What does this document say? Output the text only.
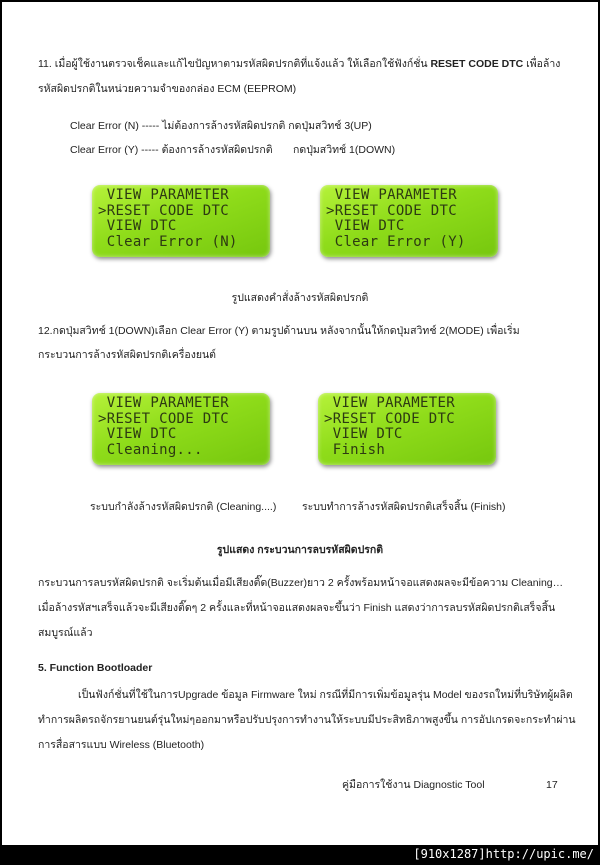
11. เมื่อผู้ใช้งานตรวจเช็คและแก้ไขปัญหาตามรหัสผิดปรกติที่แจ้งแล้ว ให้เลือกใช้ฟังก์ชั่น RESET CODE DTC เพื่อล้าง
รหัสผิดปรกติในหน่วยความจำของกล่อง ECM (EEPROM)
Clear Error (N) ----- ไม่ต้องการล้างรหัสผิดปรกติ กดปุ่มสวิทช์ 3(UP)
Clear Error (Y) ----- ต้องการล้างรหัสผิดปรกติ       กดปุ่มสวิทช์ 1(DOWN)
VIEW PARAMETER
>RESET CODE DTC
VIEW DTC
Clear Error (N)
VIEW PARAMETER
>RESET CODE DTC
VIEW DTC
Clear Error (Y)
รูปแสดงคำสั่งล้างรหัสผิดปรกติ
12.กดปุ่มสวิทช์ 1(DOWN)เลือก Clear Error (Y) ตามรูปด้านบน หลังจากนั้นให้กดปุ่มสวิทช์ 2(MODE) เพื่อเริ่ม
กระบวนการล้างรหัสผิดปรกติเครื่องยนต์
VIEW PARAMETER
>RESET CODE DTC
VIEW DTC
Cleaning...
VIEW PARAMETER
>RESET CODE DTC
VIEW DTC
Finish
ระบบกำลังล้างรหัสผิดปรกติ (Cleaning....) ระบบทำการล้างรหัสผิดปรกติเสร็จสิ้น (Finish)
รูปแสดง กระบวนการลบรหัสผิดปรกติ
กระบวนการลบรหัสผิดปรกติ จะเริ่มต้นเมื่อมีเสียงติ๊ด(Buzzer)ยาว 2 ครั้งพร้อมหน้าจอแสดงผลจะมีข้อความ Cleaning…
เมื่อล้างรหัสฯเสร็จแล้วจะมีเสียงติ๊ดๆ 2 ครั้งและที่หน้าจอแสดงผลจะขึ้นว่า Finish แสดงว่าการลบรหัสผิดปรกติเสร็จสิ้น
สมบูรณ์แล้ว
5. Function Bootloader
เป็นฟังก์ชั่นที่ใช้ในการUpgrade ข้อมูล Firmware ใหม่ กรณีที่มีการเพิ่มข้อมูลรุ่น Model ของรถใหม่ที่บริษัทผู้ผลิต
ทำการผลิตรถจักรยานยนต์รุ่นใหม่ๆออกมาหรือปรับปรุงการทำงานให้ระบบมีประสิทธิภาพสูงขึ้น การอัปเกรดจะกระทำผ่าน
การสื่อสารแบบ Wireless (Bluetooth)
คู่มือการใช้งาน Diagnostic Tool	17
[910x1287]http://upic.me/
